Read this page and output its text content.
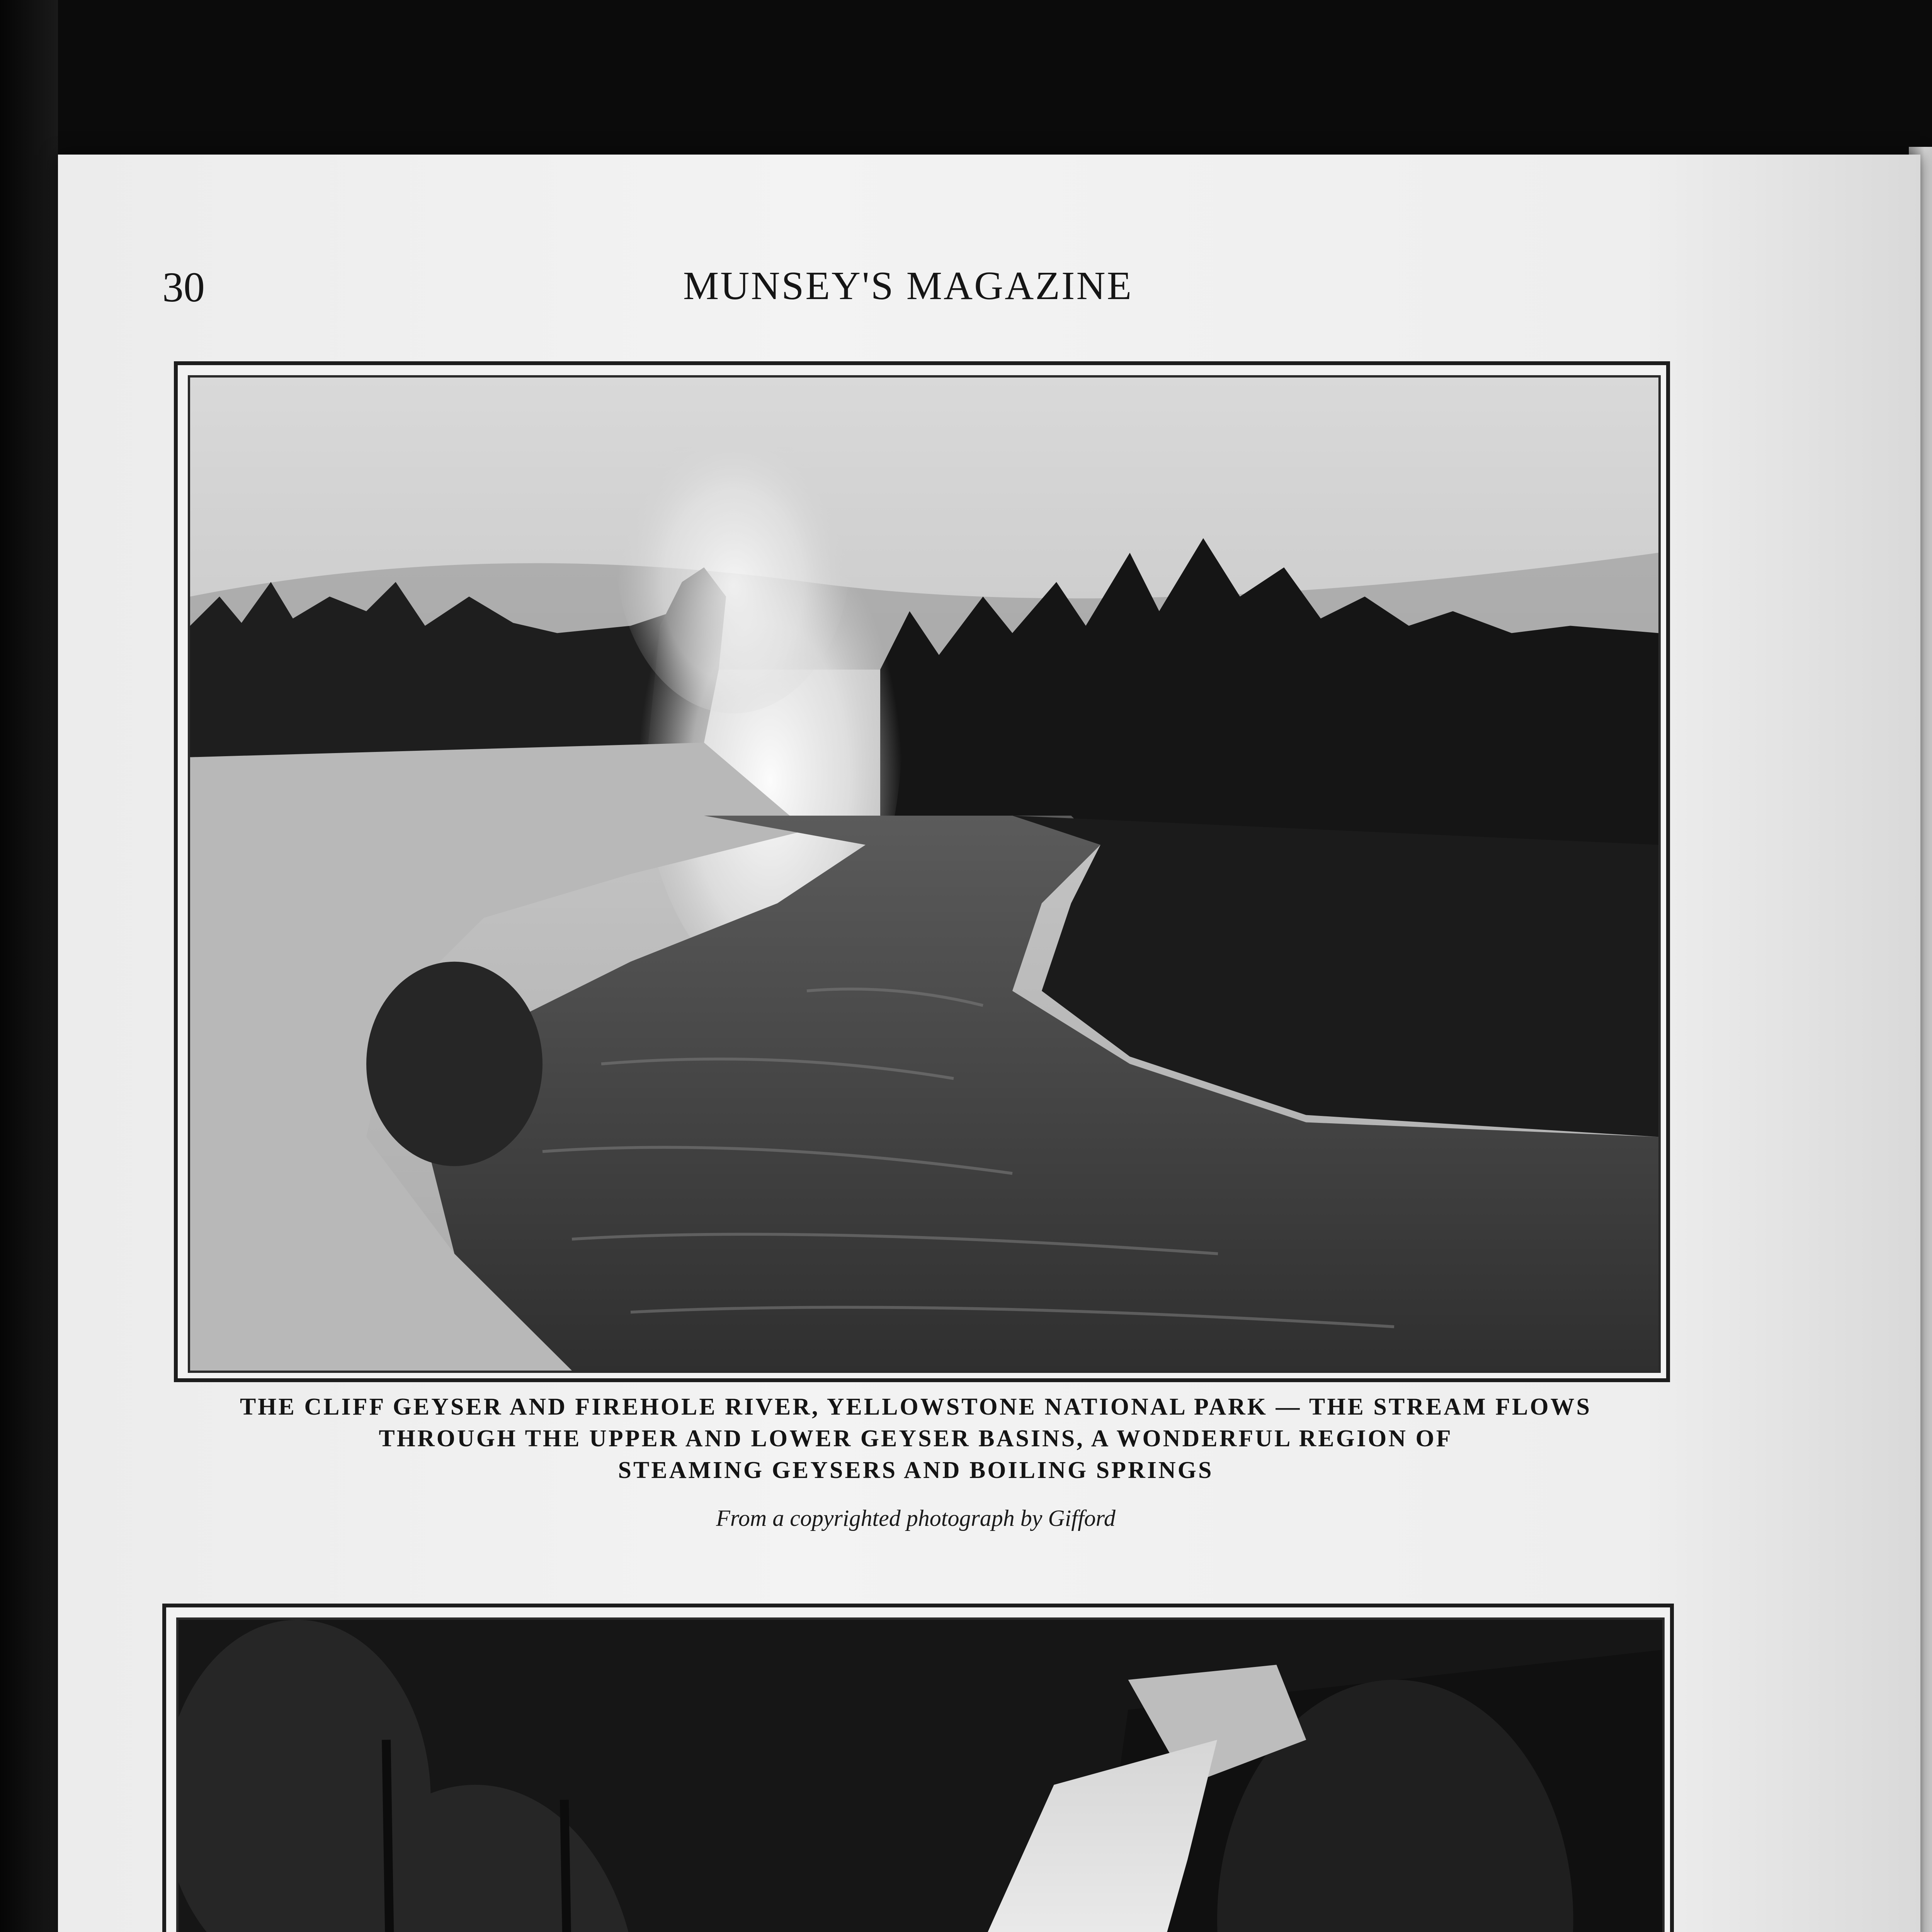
30	MUNSEY'S MAGAZINE
THE CLIFF GEYSER AND FIREHOLE RIVER, YELLOWSTONE NATIONAL PARK — THE STREAM FLOWS
THROUGH THE UPPER AND LOWER GEYSER BASINS, A WONDERFUL REGION OF
STEAMING GEYSERS AND BOILING SPRINGS
From a copyrighted photograph by Gifford
